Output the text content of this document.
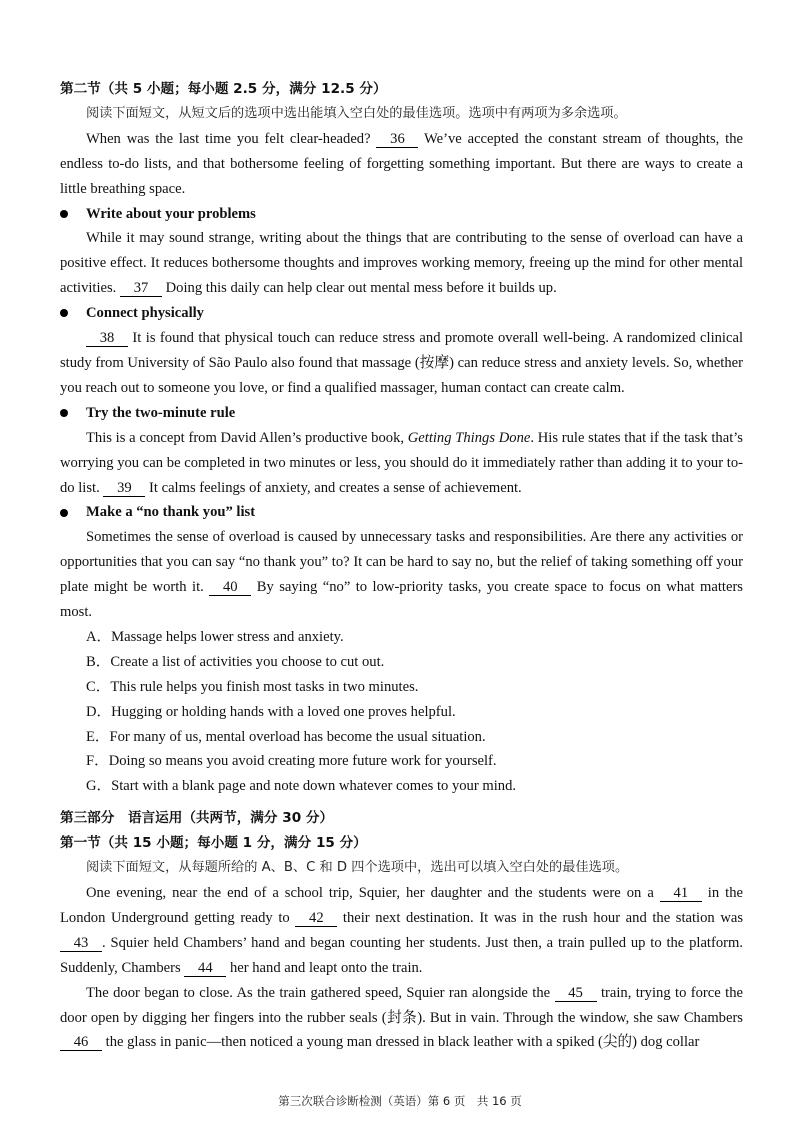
第二节（共 5 小题；每小题 2.5 分，满分 12.5 分）

阅读下面短文，从短文后的选项中选出能填入空白处的最佳选项。选项中有两项为多余选项。

When was the last time you felt clear-headed? 36 We’ve accepted the constant stream of thoughts, the endless to-do lists, and that bothersome feeling of forgetting something important. But there are ways to create a little breathing space.

Write about your problems

While it may sound strange, writing about the things that are contributing to the sense of overload can have a positive effect. It reduces bothersome thoughts and improves working memory, freeing up the mind for other mental activities. 37 Doing this daily can help clear out mental mess before it builds up.

Connect physically

38 It is found that physical touch can reduce stress and promote overall well-being. A randomized clinical study from University of São Paulo also found that massage (按摩) can reduce stress and anxiety levels. So, whether you reach out to someone you love, or find a qualified massager, human contact can create calm.

Try the two-minute rule

This is a concept from David Allen’s productive book, Getting Things Done. His rule states that if the task that’s worrying you can be completed in two minutes or less, you should do it immediately rather than adding it to your to-do list. 39 It calms feelings of anxiety, and creates a sense of achievement.

Make a “no thank you” list

Sometimes the sense of overload is caused by unnecessary tasks and responsibilities. Are there any activities or opportunities that you can say “no thank you” to? It can be hard to say no, but the relief of taking something off your plate might be worth it. 40 By saying “no” to low-priority tasks, you create space to focus on what matters most.

A．Massage helps lower stress and anxiety.

B．Create a list of activities you choose to cut out.

C．This rule helps you finish most tasks in two minutes.

D．Hugging or holding hands with a loved one proves helpful.

E．For many of us, mental overload has become the usual situation.

F．Doing so means you avoid creating more future work for yourself.

G．Start with a blank page and note down whatever comes to your mind.

第三部分　语言运用（共两节，满分 30 分）

第一节（共 15 小题；每小题 1 分，满分 15 分）

阅读下面短文，从每题所给的 A、B、C 和 D 四个选项中，选出可以填入空白处的最佳选项。

One evening, near the end of a school trip, Squier, her daughter and the students were on a 41 in the London Underground getting ready to 42 their next destination. It was in the rush hour and the station was 43 . Squier held Chambers’ hand and began counting her students. Just then, a train pulled up to the platform. Suddenly, Chambers 44 her hand and leapt onto the train.

The door began to close. As the train gathered speed, Squier ran alongside the 45 train, trying to force the door open by digging her fingers into the rubber seals (封条). But in vain. Through the window, she saw Chambers 46 the glass in panic—then noticed a young man dressed in black leather with a spiked (尖的) dog collar

第三次联合诊断检测（英语）第 6 页　共 16 页
